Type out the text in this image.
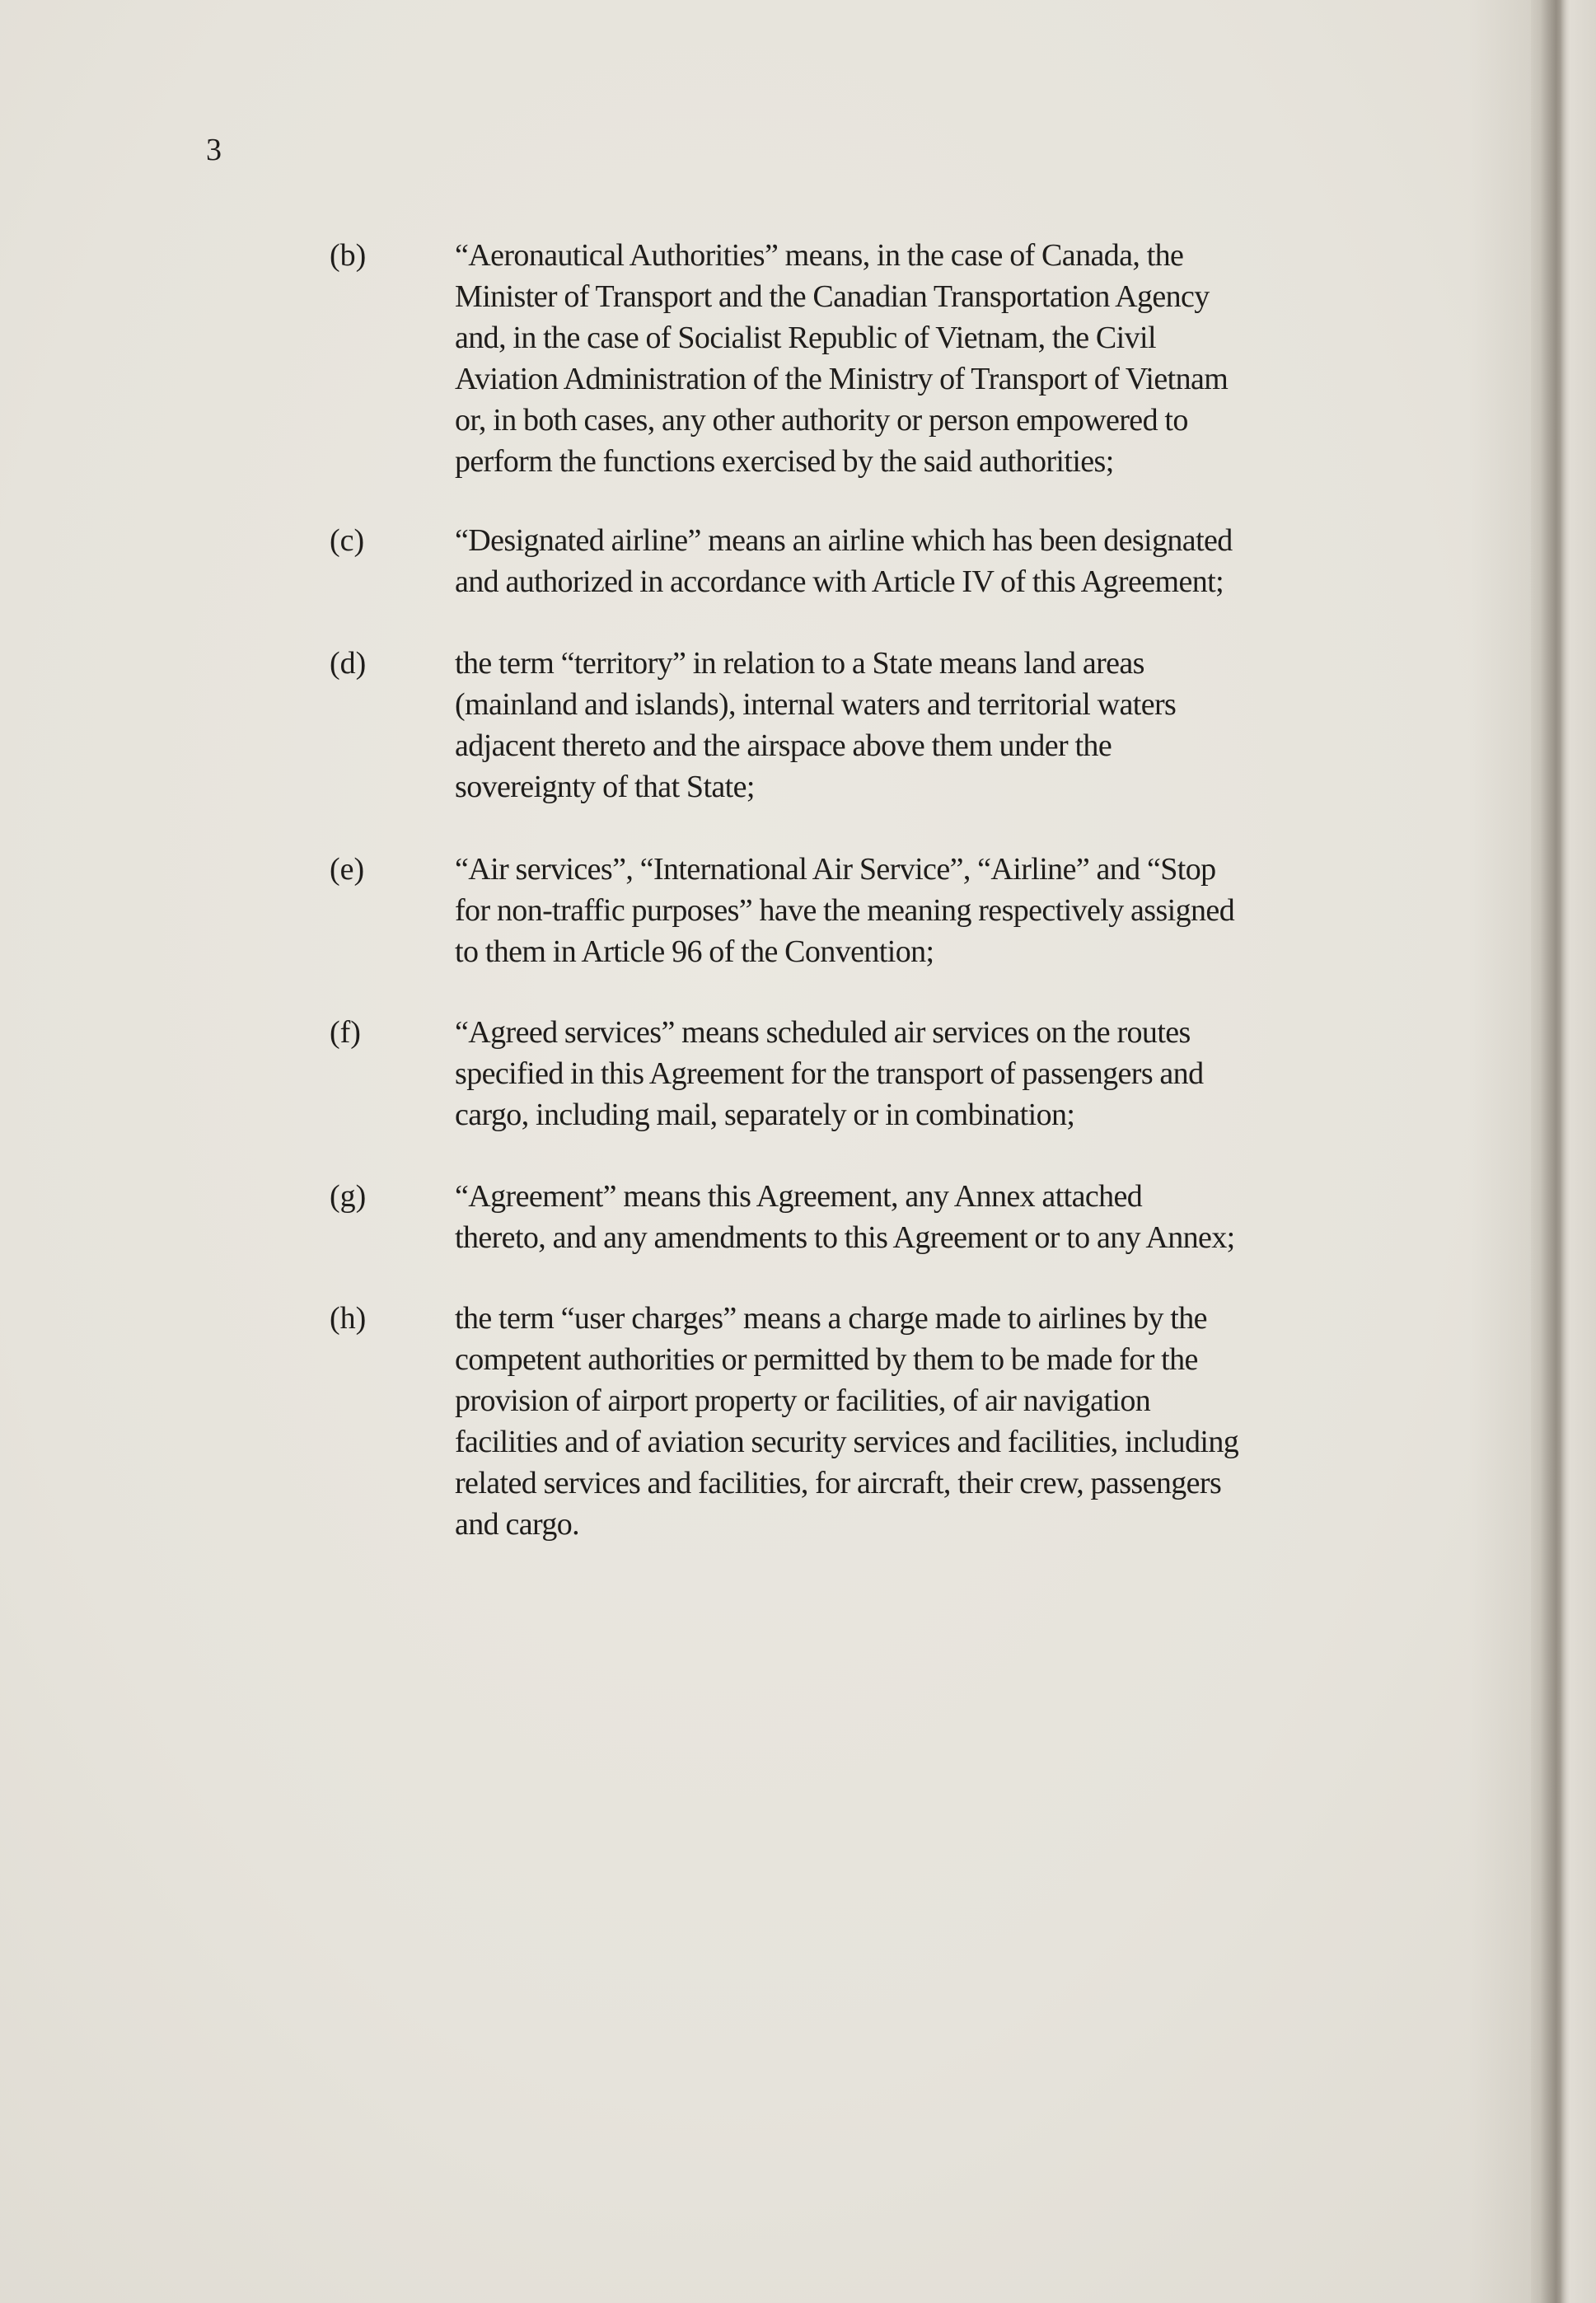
3
(b)	“Aeronautical Authorities” means, in the case of Canada, the
Minister of Transport and the Canadian Transportation Agency
and, in the case of Socialist Republic of Vietnam, the Civil
Aviation Administration of the Ministry of Transport of Vietnam
or, in both cases, any other authority or person empowered to
perform the functions exercised by the said authorities;
(c)	“Designated airline” means an airline which has been designated
and authorized in accordance with Article IV of this Agreement;
(d)	the term “territory” in relation to a State means land areas
(mainland and islands), internal waters and territorial waters
adjacent thereto and the airspace above them under the
sovereignty of that State;
(e)	“Air services”, “International Air Service”, “Airline” and “Stop
for non-traffic purposes” have the meaning respectively assigned
to them in Article 96 of the Convention;
(f)	“Agreed services” means scheduled air services on the routes
specified in this Agreement for the transport of passengers and
cargo, including mail, separately or in combination;
(g)	“Agreement” means this Agreement, any Annex attached
thereto, and any amendments to this Agreement or to any Annex;
(h)	the term “user charges” means a charge made to airlines by the
competent authorities or permitted by them to be made for the
provision of airport property or facilities, of air navigation
facilities and of aviation security services and facilities, including
related services and facilities, for aircraft, their crew, passengers
and cargo.
